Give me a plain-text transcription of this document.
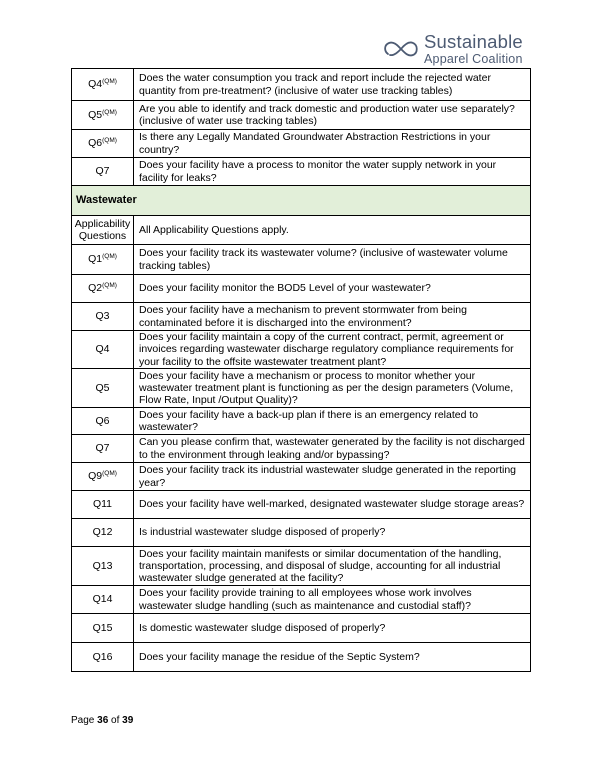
Sustainable
Apparel Coalition
$Q4^{(QM)}$	Does the water consumption you track and report include the rejected water quantity from pre-treatment? (inclusive of water use tracking tables)
$Q5^{(QM)}$	Are you able to identify and track domestic and production water use separately? (inclusive of water use tracking tables)
$Q6^{(QM)}$	Is there any Legally Mandated Groundwater Abstraction Restrictions in your country?
Q7	Does your facility have a process to monitor the water supply network in your facility for leaks?
Wastewater	
Applicability Questions	All Applicability Questions apply.
$Q1^{(QM)}$	Does your facility track its wastewater volume? (inclusive of wastewater volume tracking tables)
$Q2^{(QM)}$	Does your facility monitor the BOD5 Level of your wastewater?
Q3	Does your facility have a mechanism to prevent stormwater from being contaminated before it is discharged into the environment?
Q4	Does your facility maintain a copy of the current contract, permit, agreement or invoices regarding wastewater discharge regulatory compliance requirements for your facility to the offsite wastewater treatment plant?
Q5	Does your facility have a mechanism or process to monitor whether your wastewater treatment plant is functioning as per the design parameters (Volume, Flow Rate, Input /Output Quality)?
Q6	Does your facility have a back-up plan if there is an emergency related to wastewater?
Q7	Can you please confirm that, wastewater generated by the facility is not discharged to the environment through leaking and/or bypassing?
$Q9^{(QM)}$	Does your facility track its industrial wastewater sludge generated in the reporting year?
Q11	Does your facility have well-marked, designated wastewater sludge storage areas?
Q12	Is industrial wastewater sludge disposed of properly?
Q13	Does your facility maintain manifests or similar documentation of the handling, transportation, processing, and disposal of sludge, accounting for all industrial wastewater sludge generated at the facility?
Q14	Does your facility provide training to all employees whose work involves wastewater sludge handling (such as maintenance and custodial staff)?
Q15	Is domestic wastewater sludge disposed of properly?
Q16	Does your facility manage the residue of the Septic System?
Page 36 of 39
